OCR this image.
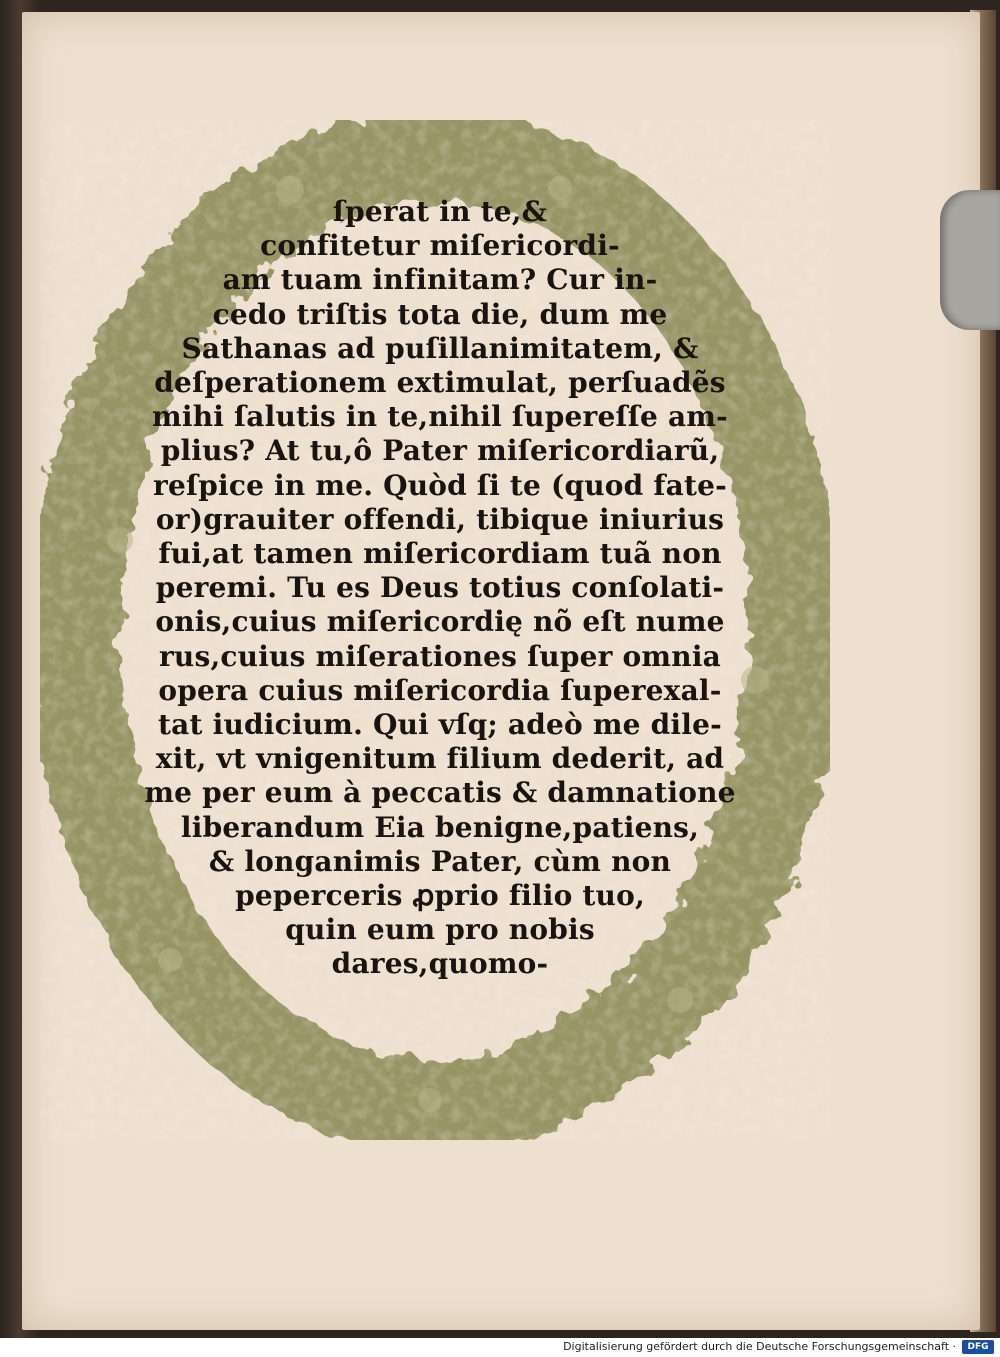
ſperat in te,&
confitetur miſericordi-
am tuam infinitam? Cur in-
cedo triſtis tota die, dum me
Sathanas ad puſillanimitatem, &
deſperationem extimulat, perſuadẽs
mihi ſalutis in te,nihil ſupereſſe am-
plius? At tu,ô Pater miſericordiarũ,
reſpice in me. Quòd ſi te (quod fate-
or)grauiter offendi, tibique iniurius
fui,at tamen miſericordiam tuã non
peremi. Tu es Deus totius conſolati-
onis,cuius miſericordię nõ eſt nume
rus,cuius miſerationes ſuper omnia
opera cuius miſericordia ſuperexal-
tat iudicium. Qui vſq; adeò me dile-
xit, vt vnigenitum filium dederit, ad
me per eum à peccatis & damnatione
liberandum Eia benigne,patiens,
& longanimis Pater, cùm non
peperceris ꝓprio filio tuo,
quin eum pro nobis
dares,quomo-
Digitalisierung gefördert durch die Deutsche Forschungsgemeinschaft ·	DFG
